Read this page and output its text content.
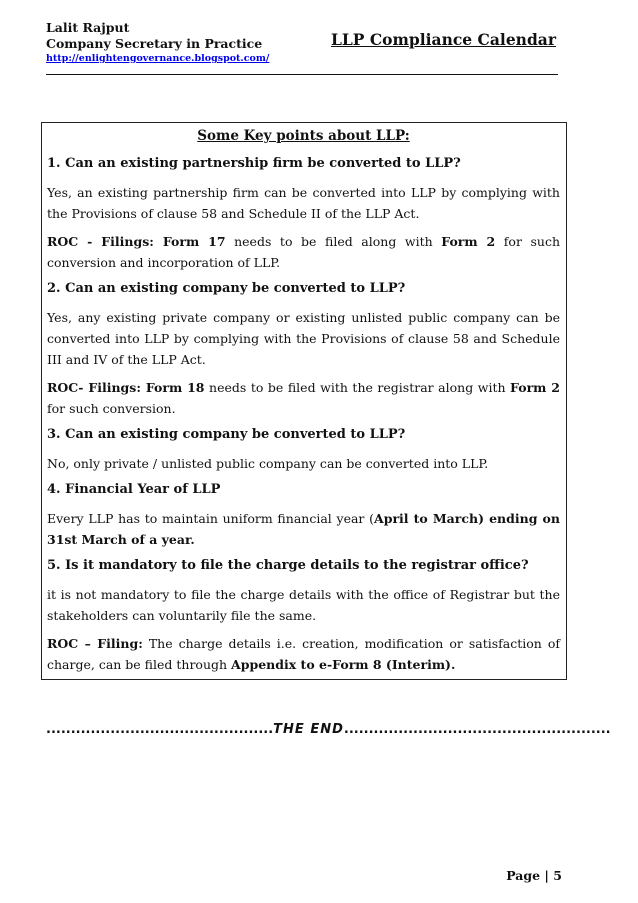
Lalit Rajput
Company Secretary in Practice
http://enlightengovernance.blogspot.com/
LLP Compliance Calendar
Some Key points about LLP:
1. Can an existing partnership firm be converted to LLP?
Yes, an existing partnership firm can be converted into LLP by complying with the Provisions of clause 58 and Schedule II of the LLP Act.
ROC - Filings: Form 17 needs to be filed along with Form 2 for such conversion and incorporation of LLP.
2. Can an existing company be converted to LLP?
Yes, any existing private company or existing unlisted public company can be converted into LLP by complying with the Provisions of clause 58 and Schedule III and IV of the LLP Act.
ROC- Filings: Form 18 needs to be filed with the registrar along with Form 2 for such conversion.
3. Can an existing company be converted to LLP?
No, only private / unlisted public company can be converted into LLP.
4. Financial Year of LLP
Every LLP has to maintain uniform financial year (April to March) ending on 31st March of a year.
5. Is it mandatory to file the charge details to the registrar office?
it is not mandatory to file the charge details with the office of Registrar but the stakeholders can voluntarily file the same.
ROC – Filing: The charge details i.e. creation, modification or satisfaction of charge, can be filed through Appendix to e-Form 8 (Interim).
..............................................THE END......................................................
Page | 5
